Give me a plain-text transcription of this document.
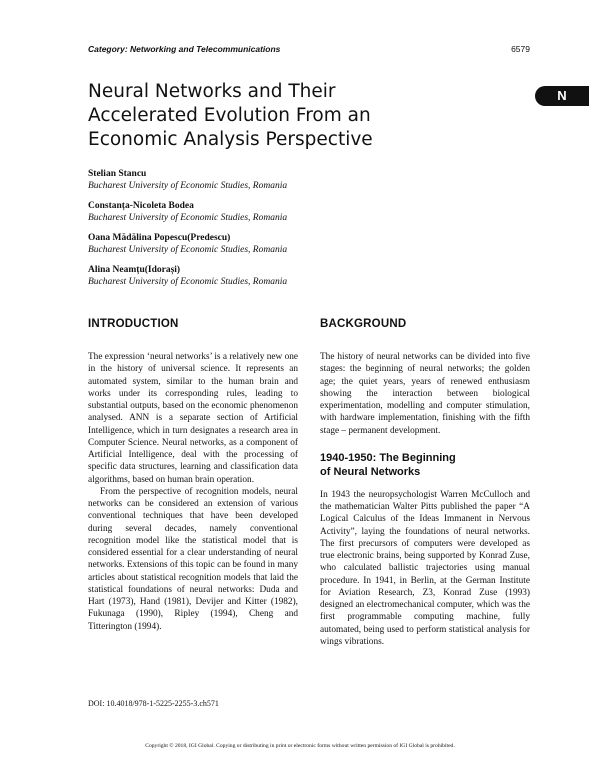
Category: Networking and Telecommunications	6579
N
Neural Networks and Their
Accelerated Evolution From an
Economic Analysis Perspective
Stelian Stancu
Bucharest University of Economic Studies, Romania
Constanța-Nicoleta Bodea
Bucharest University of Economic Studies, Romania
Oana Mădălina Popescu(Predescu)
Bucharest University of Economic Studies, Romania
Alina Neamțu(Idorași)
Bucharest University of Economic Studies, Romania
INTRODUCTION

The expression ‘neural networks’ is a relatively new one in the history of universal science. It represents an automated system, similar to the human brain and works under its corresponding rules, leading to substantial outputs, based on the economic phenomenon analysed. ANN is a separate section of Artificial Intelligence, which in turn designates a research area in Computer Science. Neural networks, as a component of Artificial Intelligence, deal with the processing of specific data structures, learning and classification data algorithms, based on human brain operation.

From the perspective of recognition models, neural networks can be considered an extension of various conventional techniques that have been developed during several decades, namely conventional recognition model like the statistical model that is considered essential for a clear understanding of neural networks. Extensions of this topic can be found in many articles about statistical recognition models that laid the statistical foundations of neural networks: Duda and Hart (1973), Hand (1981), Devijer and Kitter (1982), Fukunaga (1990), Ripley (1994), Cheng and Titterington (1994).

BACKGROUND

The history of neural networks can be divided into five stages: the beginning of neural networks; the golden age; the quiet years, years of renewed enthusiasm showing the interaction between biological experimentation, modelling and computer stimulation, with hardware implementation, finishing with the fifth stage – permanent development.

1940-1950: The Beginning
of Neural Networks

In 1943 the neuropsychologist Warren McCulloch and the mathematician Walter Pitts published the paper “A Logical Calculus of the Ideas Immanent in Nervous Activity”, laying the foundations of neural networks. The first precursors of computers were developed as true electronic brains, being supported by Konrad Zuse, who calculated ballistic trajectories using manual procedure. In 1941, in Berlin, at the German Institute for Aviation Research, Z3, Konrad Zuse (1993) designed an electromechanical computer, which was the first programmable computing machine, fully automated, being used to perform statistical analysis for wings vibrations.

DOI: 10.4018/978-1-5225-2255-3.ch571
Copyright © 2018, IGI Global. Copying or distributing in print or electronic forms without written permission of IGI Global is prohibited.
